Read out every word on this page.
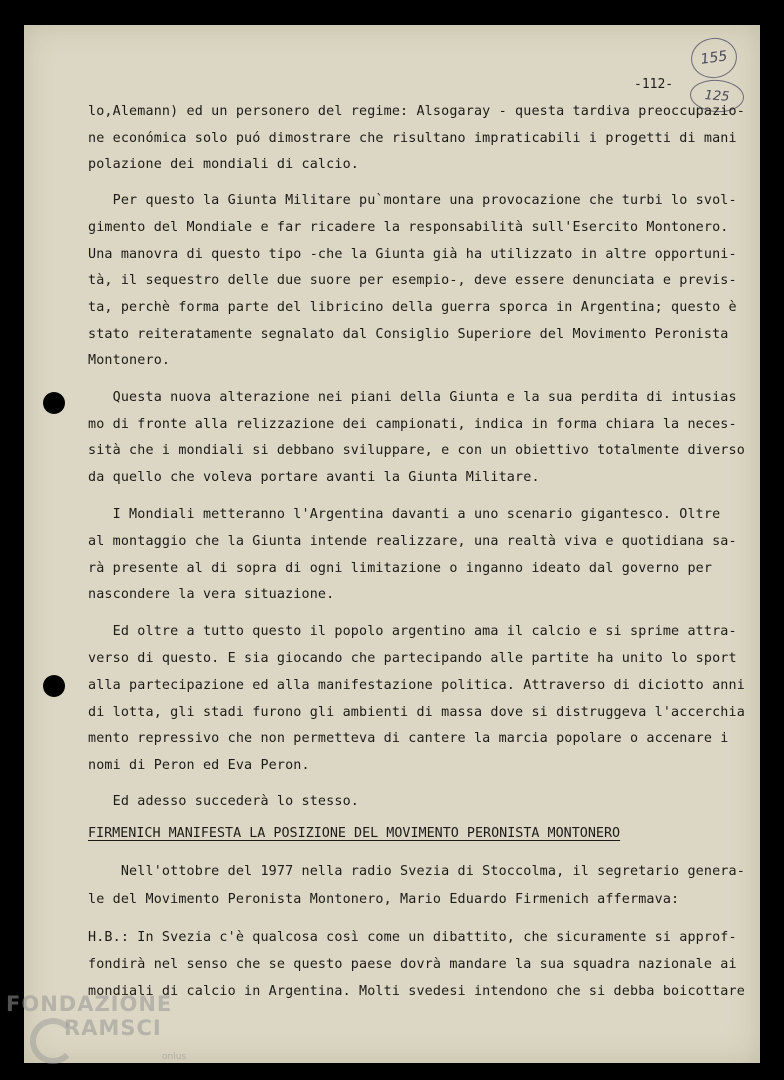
155
125
-112-
lo,Alemann) ed un personero del regime: Alsogaray - questa tardiva preoccupazio-
ne económica solo puó dimostrare che risultano impraticabili i progetti di mani
polazione dei mondiali di calcio.
Per questo la Giunta Militare pu`montare una provocazione che turbi lo svol-
gimento del Mondiale e far ricadere la responsabilità sull'Esercito Montonero.
Una manovra di questo tipo -che la Giunta già ha utilizzato in altre opportuni-
tà, il sequestro delle due suore per esempio-, deve essere denunciata e previs-
ta, perchè forma parte del libricino della guerra sporca in Argentina; questo è
stato reiteratamente segnalato dal Consiglio Superiore del Movimento Peronista
Montonero.
Questa nuova alterazione nei piani della Giunta e la sua perdita di intusias
mo di fronte alla relizzazione dei campionati, indica in forma chiara la neces-
sità che i mondiali si debbano sviluppare, e con un obiettivo totalmente diverso
da quello che voleva portare avanti la Giunta Militare.
I Mondiali metteranno l'Argentina davanti a uno scenario gigantesco. Oltre
al montaggio che la Giunta intende realizzare, una realtà viva e quotidiana sa-
rà presente al di sopra di ogni limitazione o inganno ideato dal governo per
nascondere la vera situazione.
Ed oltre a tutto questo il popolo argentino ama il calcio e si sprime attra-
verso di questo. E sia giocando che partecipando alle partite ha unito lo sport
alla partecipazione ed alla manifestazione politica. Attraverso di diciotto anni
di lotta, gli stadi furono gli ambienti di massa dove si distruggeva l'accerchia
mento repressivo che non permetteva di cantere la marcia popolare o accenare i
nomi di Peron ed Eva Peron.
Ed adesso succederà lo stesso.
FIRMENICH MANIFESTA LA POSIZIONE DEL MOVIMENTO PERONISTA MONTONERO
Nell'ottobre del 1977 nella radio Svezia di Stoccolma, il segretario genera-
le del Movimento Peronista Montonero, Mario Eduardo Firmenich affermava:
H.B.: In Svezia c'è qualcosa così come un dibattito, che sicuramente si approf-
fondirà nel senso che se questo paese dovrà mandare la sua squadra nazionale ai
mondiali di calcio in Argentina. Molti svedesi intendono che si debba boicottare
FONDAZIONE
RAMSCI
onlus
